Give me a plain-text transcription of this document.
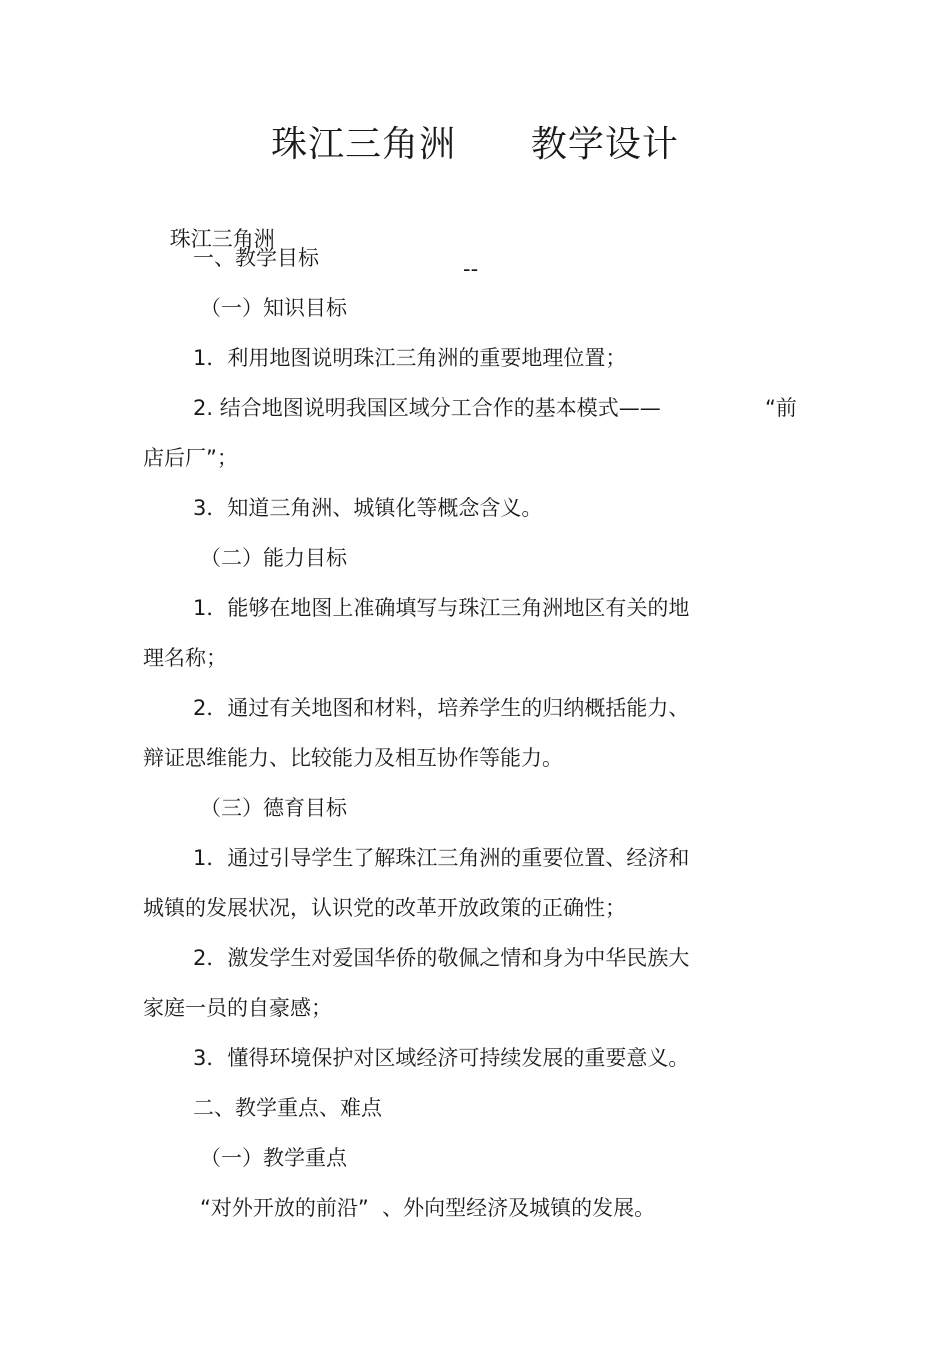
珠江三角洲      教学设计

珠江三角洲

--

一、教学目标
（一）知识目标
1．利用地图说明珠江三角洲的重要地理位置；
2. 结合地图说明我国区域分工合作的基本模式——	“前
店后厂”；
3．知道三角洲、城镇化等概念含义。
（二）能力目标
1．能够在地图上准确填写与珠江三角洲地区有关的地
理名称；
2．通过有关地图和材料，培养学生的归纳概括能力、
辩证思维能力、比较能力及相互协作等能力。
（三）德育目标
1．通过引导学生了解珠江三角洲的重要位置、经济和
城镇的发展状况，认识党的改革开放政策的正确性；
2．激发学生对爱国华侨的敬佩之情和身为中华民族大
家庭一员的自豪感；
3．懂得环境保护对区域经济可持续发展的重要意义。
二、教学重点、难点
（一）教学重点
“对外开放的前沿”  、外向型经济及城镇的发展。
